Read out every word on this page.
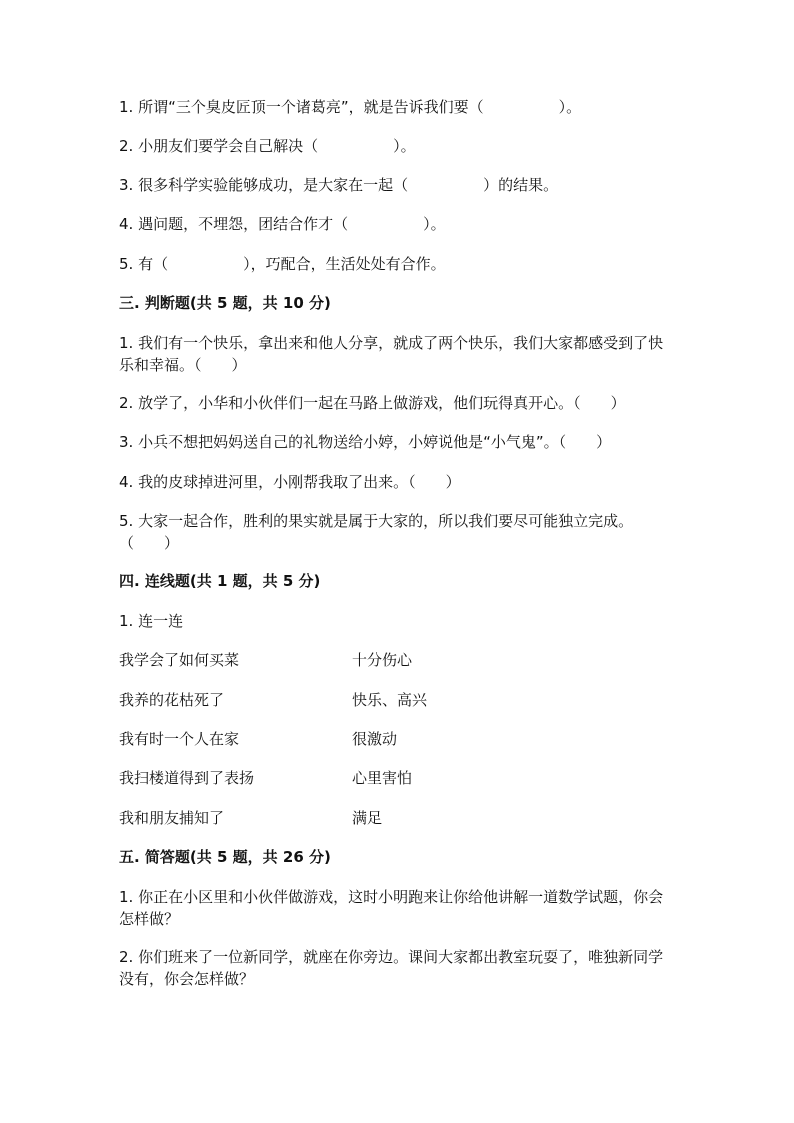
1. 所谓“三个臭皮匠顶一个诸葛亮”，就是告诉我们要（　　　　　）。
2. 小朋友们要学会自己解决（　　　　　）。
3. 很多科学实验能够成功，是大家在一起（　　　　　）的结果。
4. 遇问题，不埋怨，团结合作才（　　　　　）。
5. 有（　　　　　），巧配合，生活处处有合作。
三. 判断题(共 5 题，共 10 分)
1. 我们有一个快乐，拿出来和他人分享，就成了两个快乐，我们大家都感受到了快乐和幸福。（　　）
2. 放学了，小华和小伙伴们一起在马路上做游戏，他们玩得真开心。（　　）
3. 小兵不想把妈妈送自己的礼物送给小婷，小婷说他是“小气鬼”。（　　）
4. 我的皮球掉进河里，小刚帮我取了出来。（　　）
5. 大家一起合作，胜利的果实就是属于大家的，所以我们要尽可能独立完成。（　　）
四. 连线题(共 1 题，共 5 分)
1. 连一连
我学会了如何买菜	十分伤心
我养的花枯死了	快乐、高兴
我有时一个人在家	很激动
我扫楼道得到了表扬	心里害怕
我和朋友捕知了	满足
五. 简答题(共 5 题，共 26 分)
1. 你正在小区里和小伙伴做游戏，这时小明跑来让你给他讲解一道数学试题，你会怎样做？
2. 你们班来了一位新同学，就座在你旁边。课间大家都出教室玩耍了，唯独新同学没有，你会怎样做？
